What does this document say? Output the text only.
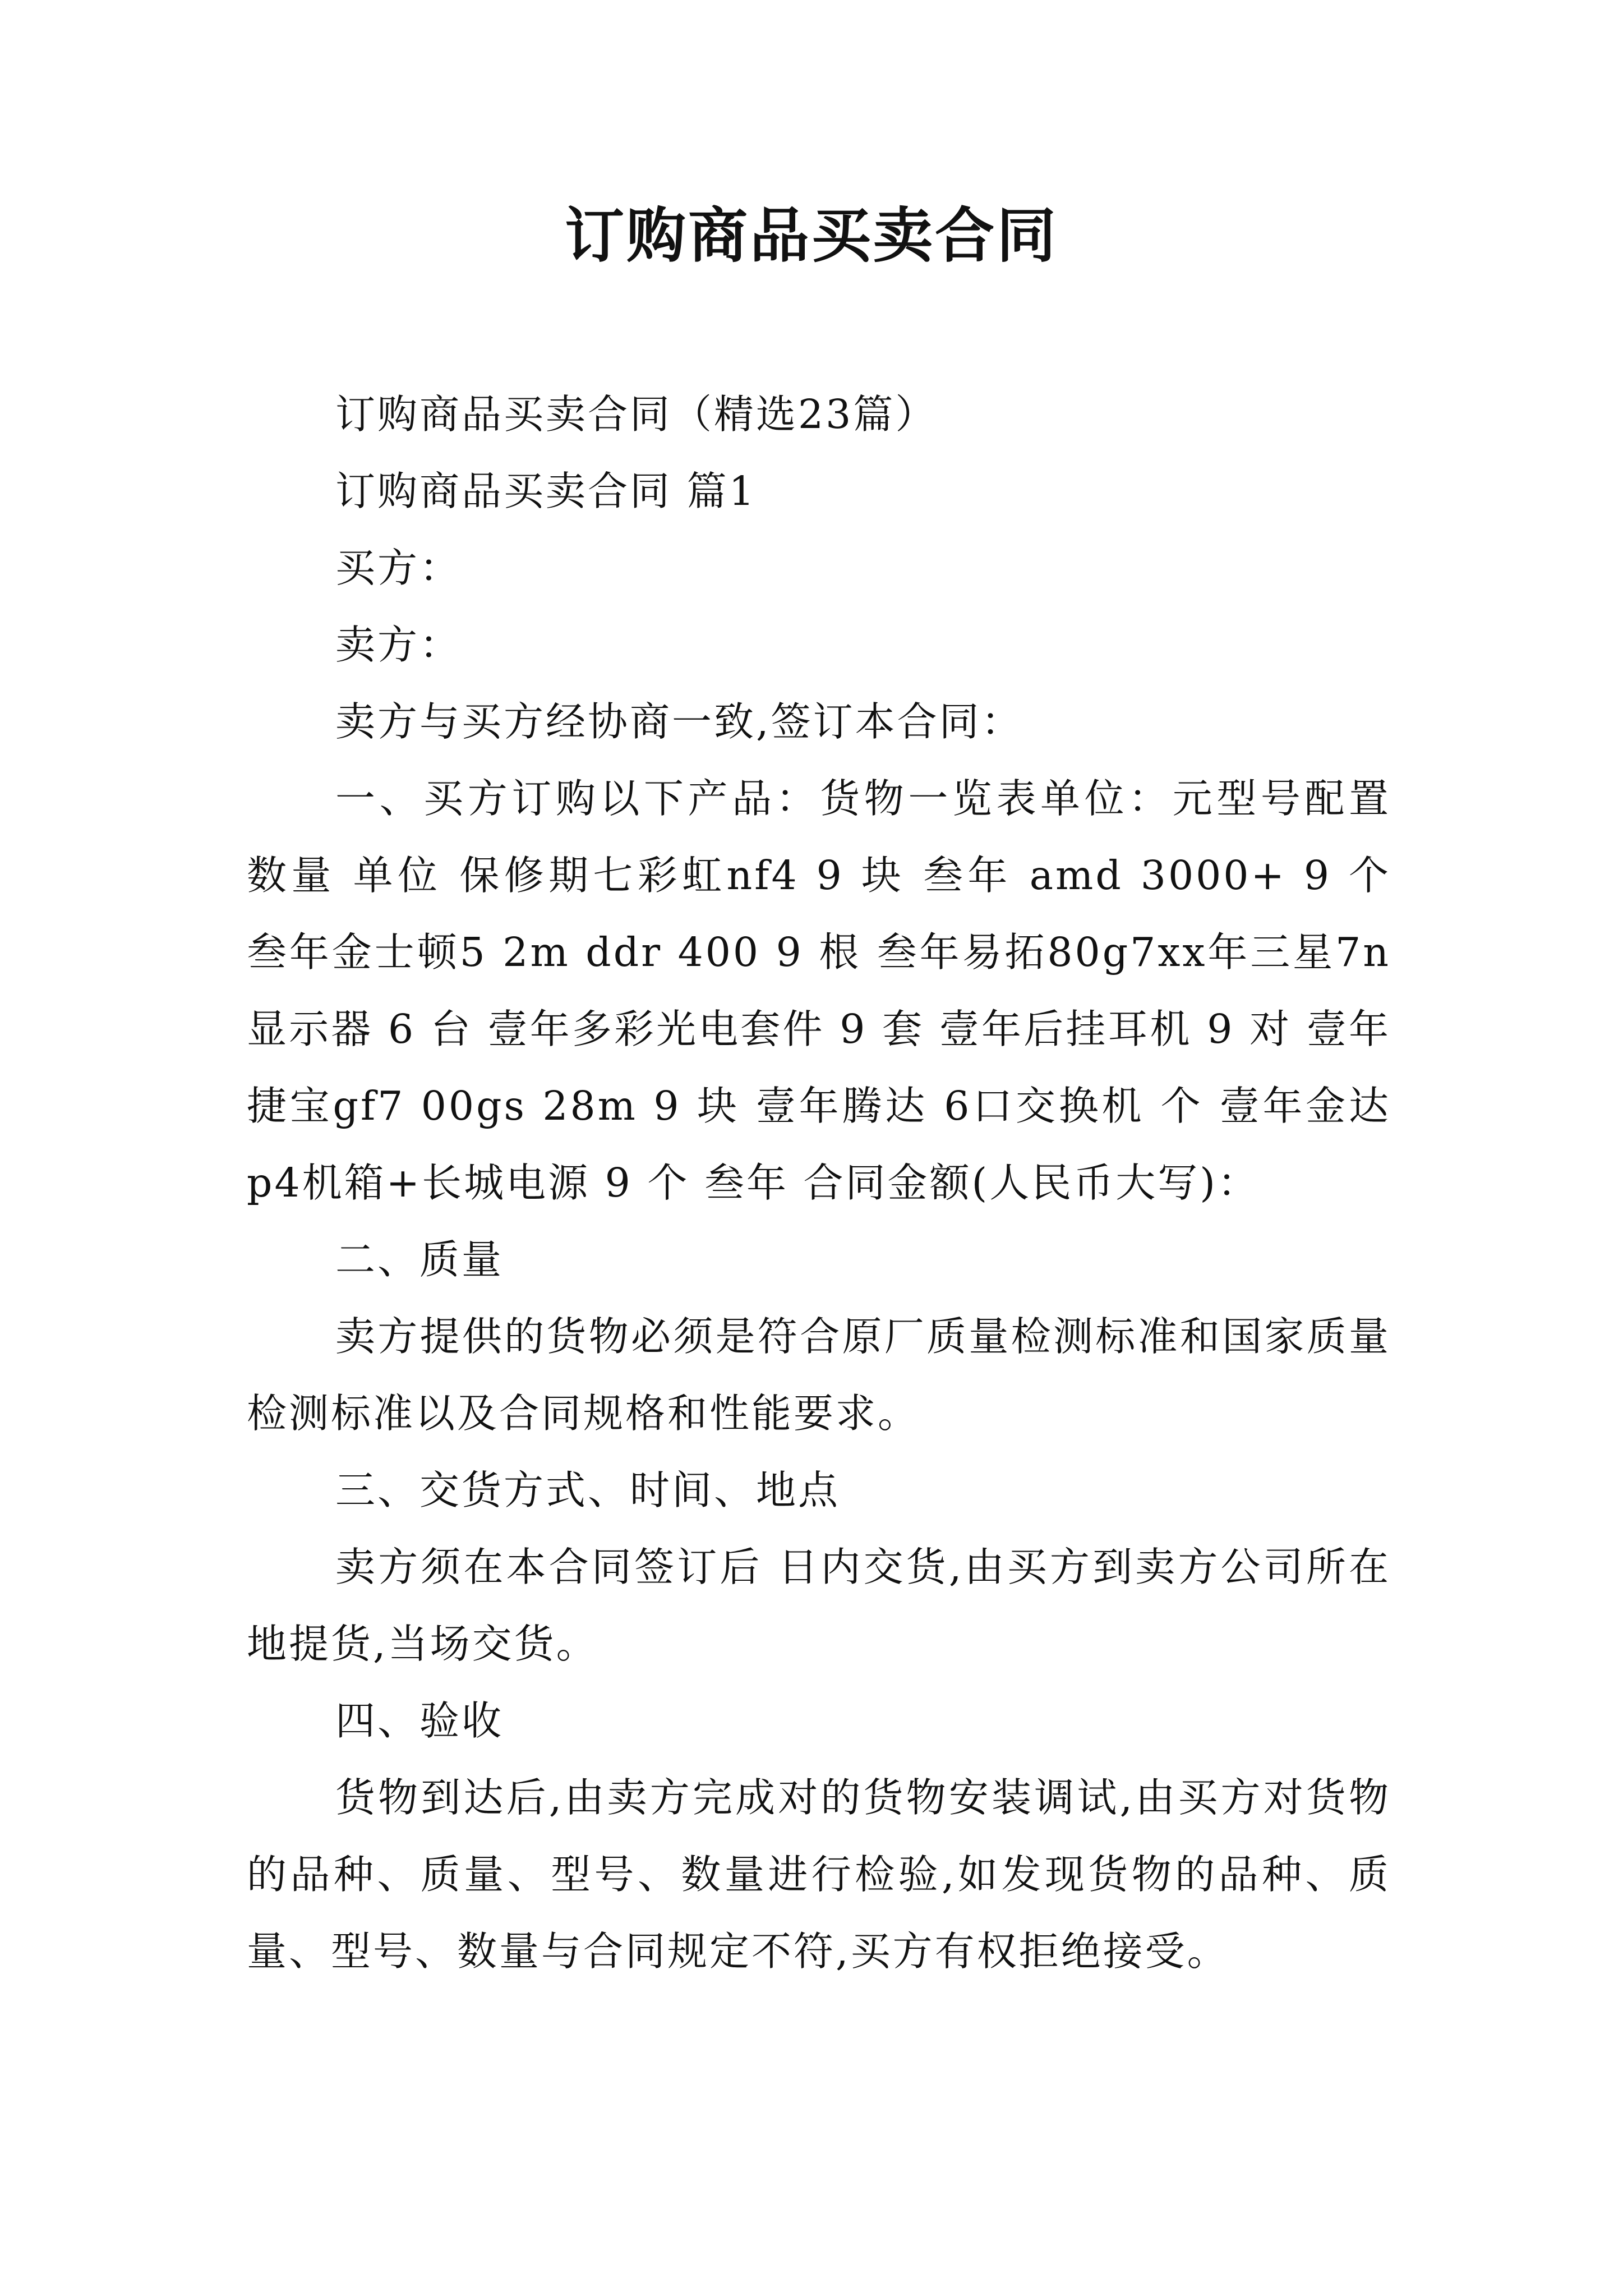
订购商品买卖合同

订购商品买卖合同（精选23篇）

订购商品买卖合同 篇1

买方：

卖方：

卖方与买方经协商一致,签订本合同：

一、买方订购以下产品：货物一览表单位：元型号配置 数量 单位 保修期七彩虹nf4 9 块 叁年 amd 3000+ 9 个 叁年金士顿5 2m ddr 400 9 根 叁年易拓80g7xx年三星7n显示器 6 台 壹年多彩光电套件 9 套 壹年后挂耳机 9 对 壹年捷宝gf7 00gs 28m 9 块 壹年腾达 6口交换机 个 壹年金达p4机箱+长城电源 9 个 叁年 合同金额(人民币大写)：

二、质量

卖方提供的货物必须是符合原厂质量检测标准和国家质量检测标准以及合同规格和性能要求。

三、交货方式、时间、地点

卖方须在本合同签订后 日内交货,由买方到卖方公司所在地提货,当场交货。

四、验收

货物到达后,由卖方完成对的货物安装调试,由买方对货物的品种、质量、型号、数量进行检验,如发现货物的品种、质量、型号、数量与合同规定不符,买方有权拒绝接受。
